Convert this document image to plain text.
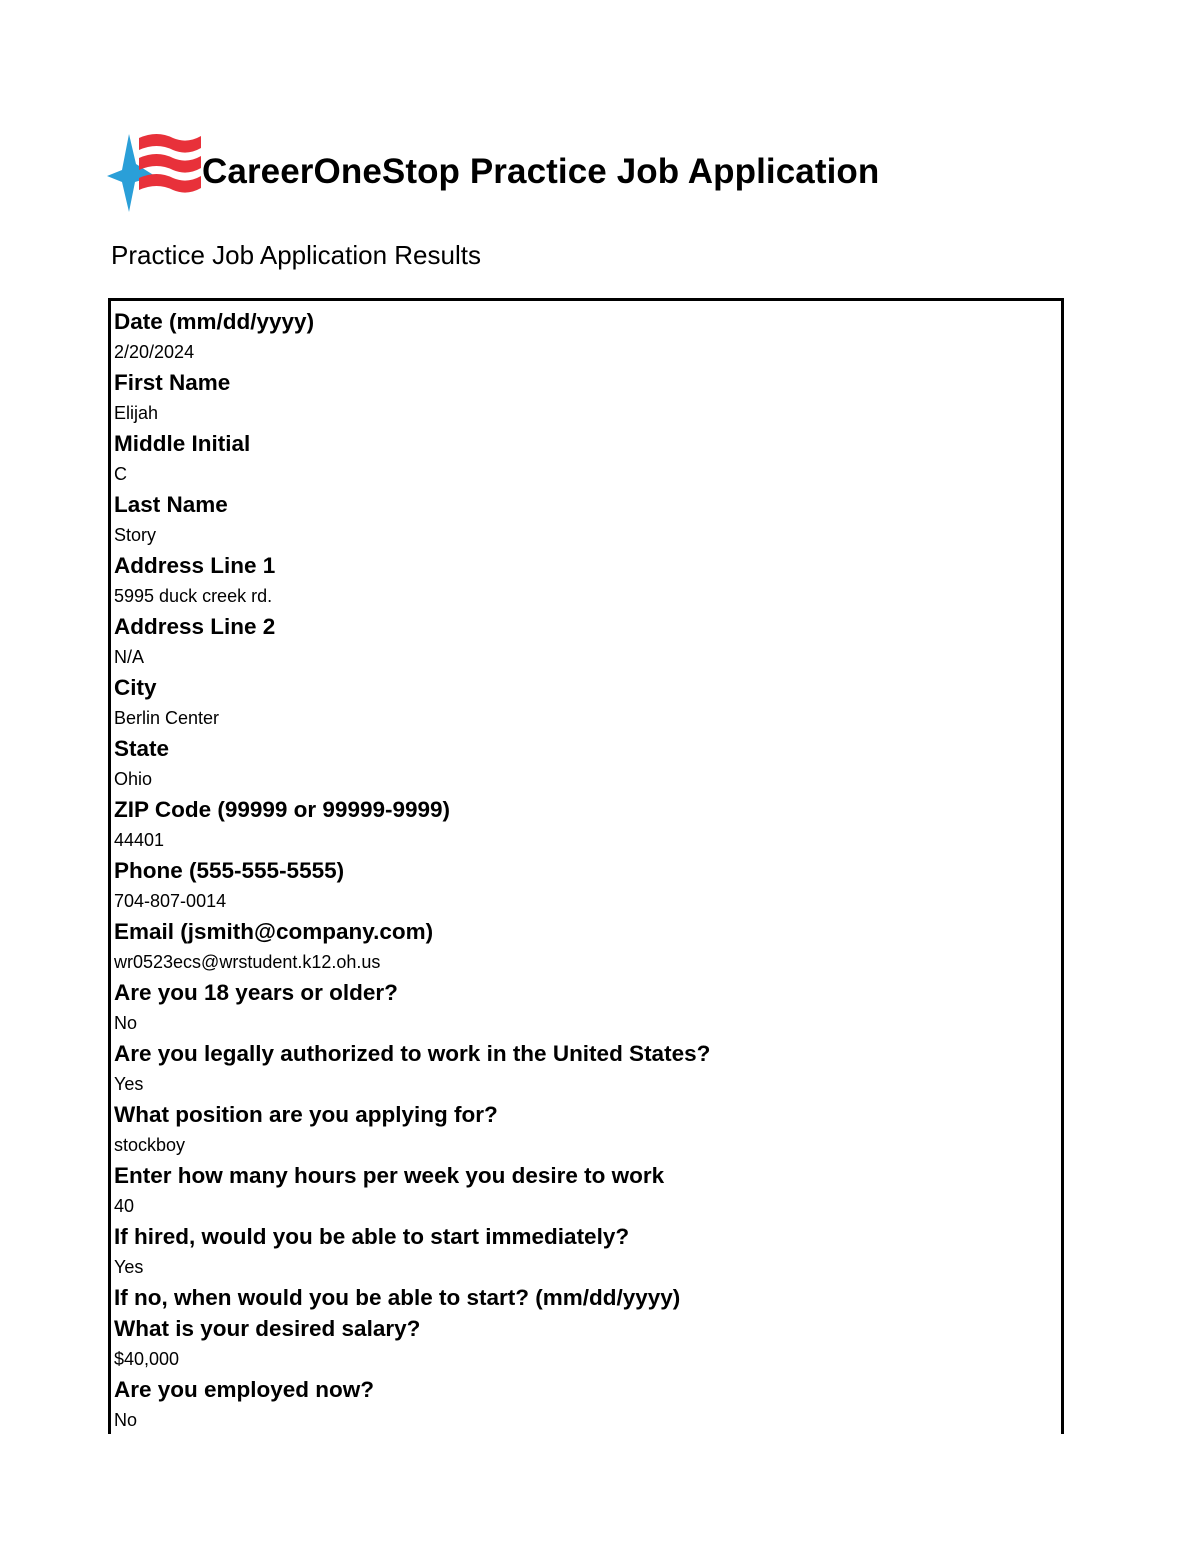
CareerOneStop Practice Job Application
Practice Job Application Results
Date (mm/dd/yyyy)
2/20/2024
First Name
Elijah
Middle Initial
C
Last Name
Story
Address Line 1
5995 duck creek rd.
Address Line 2
N/A
City
Berlin Center
State
Ohio
ZIP Code (99999 or 99999-9999)
44401
Phone (555-555-5555)
704-807-0014
Email (jsmith@company.com)
wr0523ecs@wrstudent.k12.oh.us
Are you 18 years or older?
No
Are you legally authorized to work in the United States?
Yes
What position are you applying for?
stockboy
Enter how many hours per week you desire to work
40
If hired, would you be able to start immediately?
Yes
If no, when would you be able to start? (mm/dd/yyyy)
What is your desired salary?
$40,000
Are you employed now?
No
